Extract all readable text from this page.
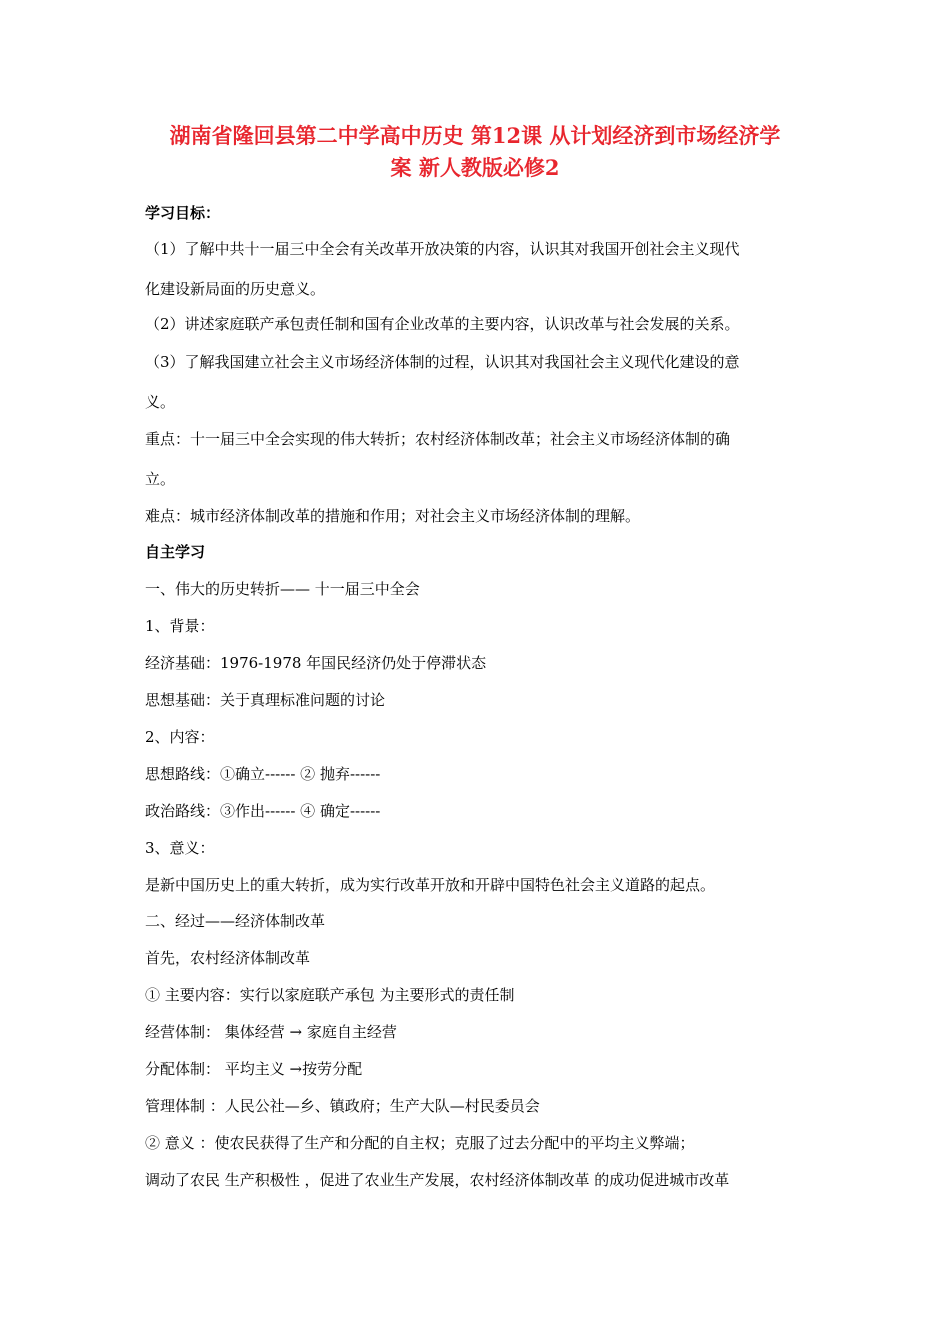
湖南省隆回县第二中学高中历史 第12课 从计划经济到市场经济学
案 新人教版必修2
学习目标：
（1）了解中共十一届三中全会有关改革开放决策的内容，认识其对我国开创社会主义现代
化建设新局面的历史意义。
（2）讲述家庭联产承包责任制和国有企业改革的主要内容，认识改革与社会发展的关系。
（3）了解我国建立社会主义市场经济体制的过程，认识其对我国社会主义现代化建设的意
义。
重点：十一届三中全会实现的伟大转折；农村经济体制改革；社会主义市场经济体制的确
立。
难点：城市经济体制改革的措施和作用；对社会主义市场经济体制的理解。
自主学习
一、伟大的历史转折—— 十一届三中全会
1、背景：
经济基础：1976-1978 年国民经济仍处于停滞状态
思想基础：关于真理标准问题的讨论
2、内容：
思想路线：①确立------ ② 抛弃------
政治路线：③作出------ ④ 确定------
3、意义：
是新中国历史上的重大转折，成为实行改革开放和开辟中国特色社会主义道路的起点。
二、经过——经济体制改革
首先，农村经济体制改革
① 主要内容：实行以家庭联产承包 为主要形式的责任制
经营体制： 集体经营 → 家庭自主经营
分配体制： 平均主义 →按劳分配
管理体制 ：人民公社—乡、镇政府；生产大队—村民委员会
② 意义 ：使农民获得了生产和分配的自主权；克服了过去分配中的平均主义弊端；
调动了农民 生产积极性 ，促进了农业生产发展，农村经济体制改革 的成功促进城市改革
